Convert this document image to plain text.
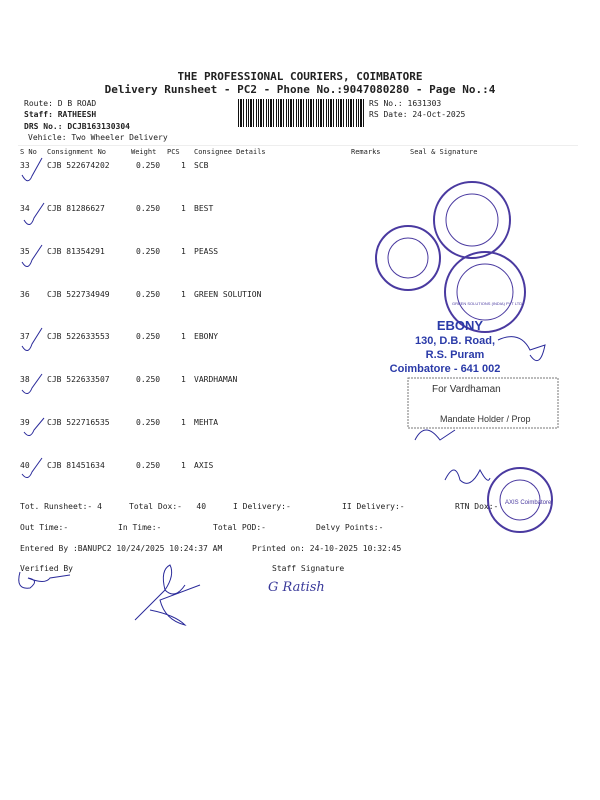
THE PROFESSIONAL COURIERS, COIMBATORE
Delivery Runsheet - PC2 - Phone No.:9047080280 - Page No.:4
Route: D B ROAD
Staff: RATHEESH
DRS No.: DCJB163130304
Vehicle: Two Wheeler Delivery
RS No.: 1631303
RS Date: 24-Oct-2025
S No Consignment No	Weight PCS Consignee Details	Remarks	Seal & Signature
33 CJB 522674202	0.250	1 SCB
34 CJB 81286627	0.250	1 BEST
35 CJB 81354291	0.250	1 PEASS
36 CJB 522734949	0.250	1 GREEN SOLUTION
37 CJB 522633553	0.250	1 EBONY
38 CJB 522633507	0.250	1 VARDHAMAN
39 CJB 522716535	0.250	1 MEHTA
40 CJB 81451634	0.250	1 AXIS
Tot. Runsheet:- 4	Total Dox:-   40	I Delivery:-	II Delivery:-	RTN Dox:-
Out Time:-	In Time:-	Total POD:-	Delvy Points:-
Entered By :BANUPC2 10/24/2025 10:24:37 AM	Printed on: 24-10-2025 10:32:45
Verified By	Staff Signature
G Ratish
GREEN SOLUTIONS (INDIA) PVT LTD.
AXIS Coimbatore
EBONY
130, D.B. Road,
R.S. Puram
Coimbatore - 641 002
For Vardhaman
Mandate Holder / Prop
